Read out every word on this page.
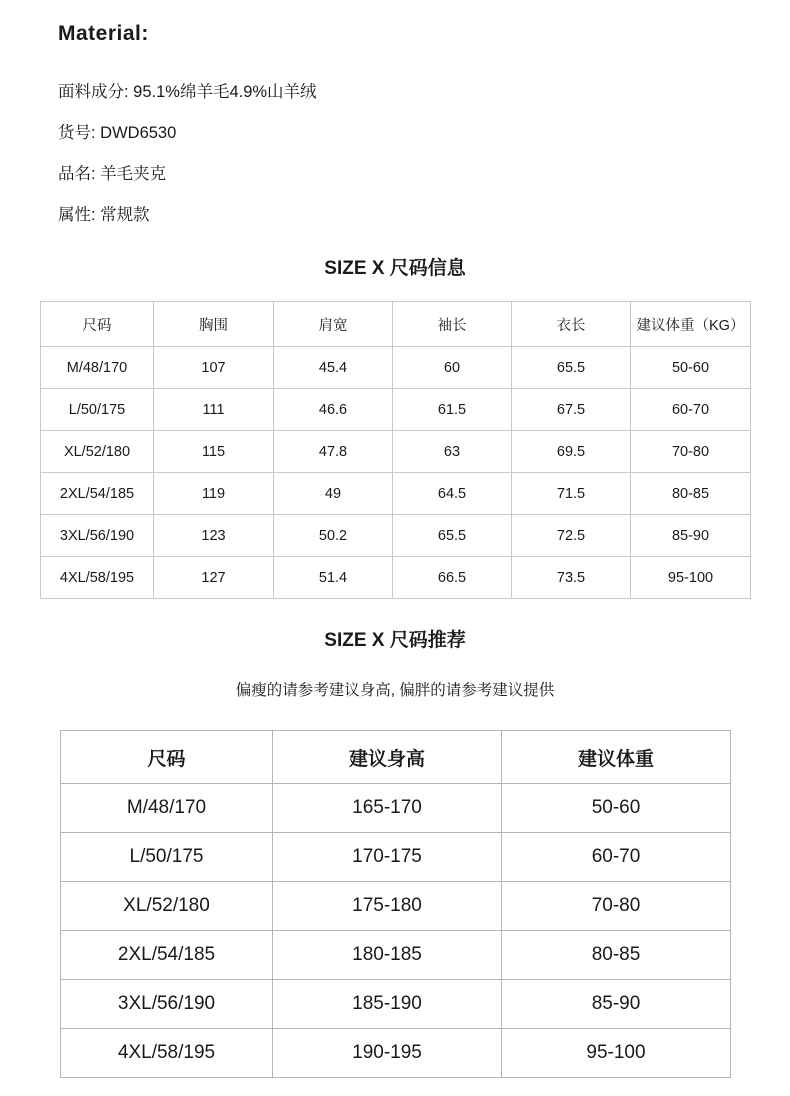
Material:
面料成分: 95.1%绵羊毛4.9%山羊绒
货号: DWD6530
品名: 羊毛夹克
属性: 常规款
SIZE X 尺码信息
尺码	胸围	肩宽	袖长	衣长	建议体重（KG）
M/48/170	107	45.4	60	65.5	50-60
L/50/175	111	46.6	61.5	67.5	60-70
XL/52/180	115	47.8	63	69.5	70-80
2XL/54/185	119	49	64.5	71.5	80-85
3XL/56/190	123	50.2	65.5	72.5	85-90
4XL/58/195	127	51.4	66.5	73.5	95-100
SIZE X 尺码推荐
偏瘦的请参考建议身高, 偏胖的请参考建议提供
尺码	建议身高	建议体重
M/48/170	165-170	50-60
L/50/175	170-175	60-70
XL/52/180	175-180	70-80
2XL/54/185	180-185	80-85
3XL/56/190	185-190	85-90
4XL/58/195	190-195	95-100
